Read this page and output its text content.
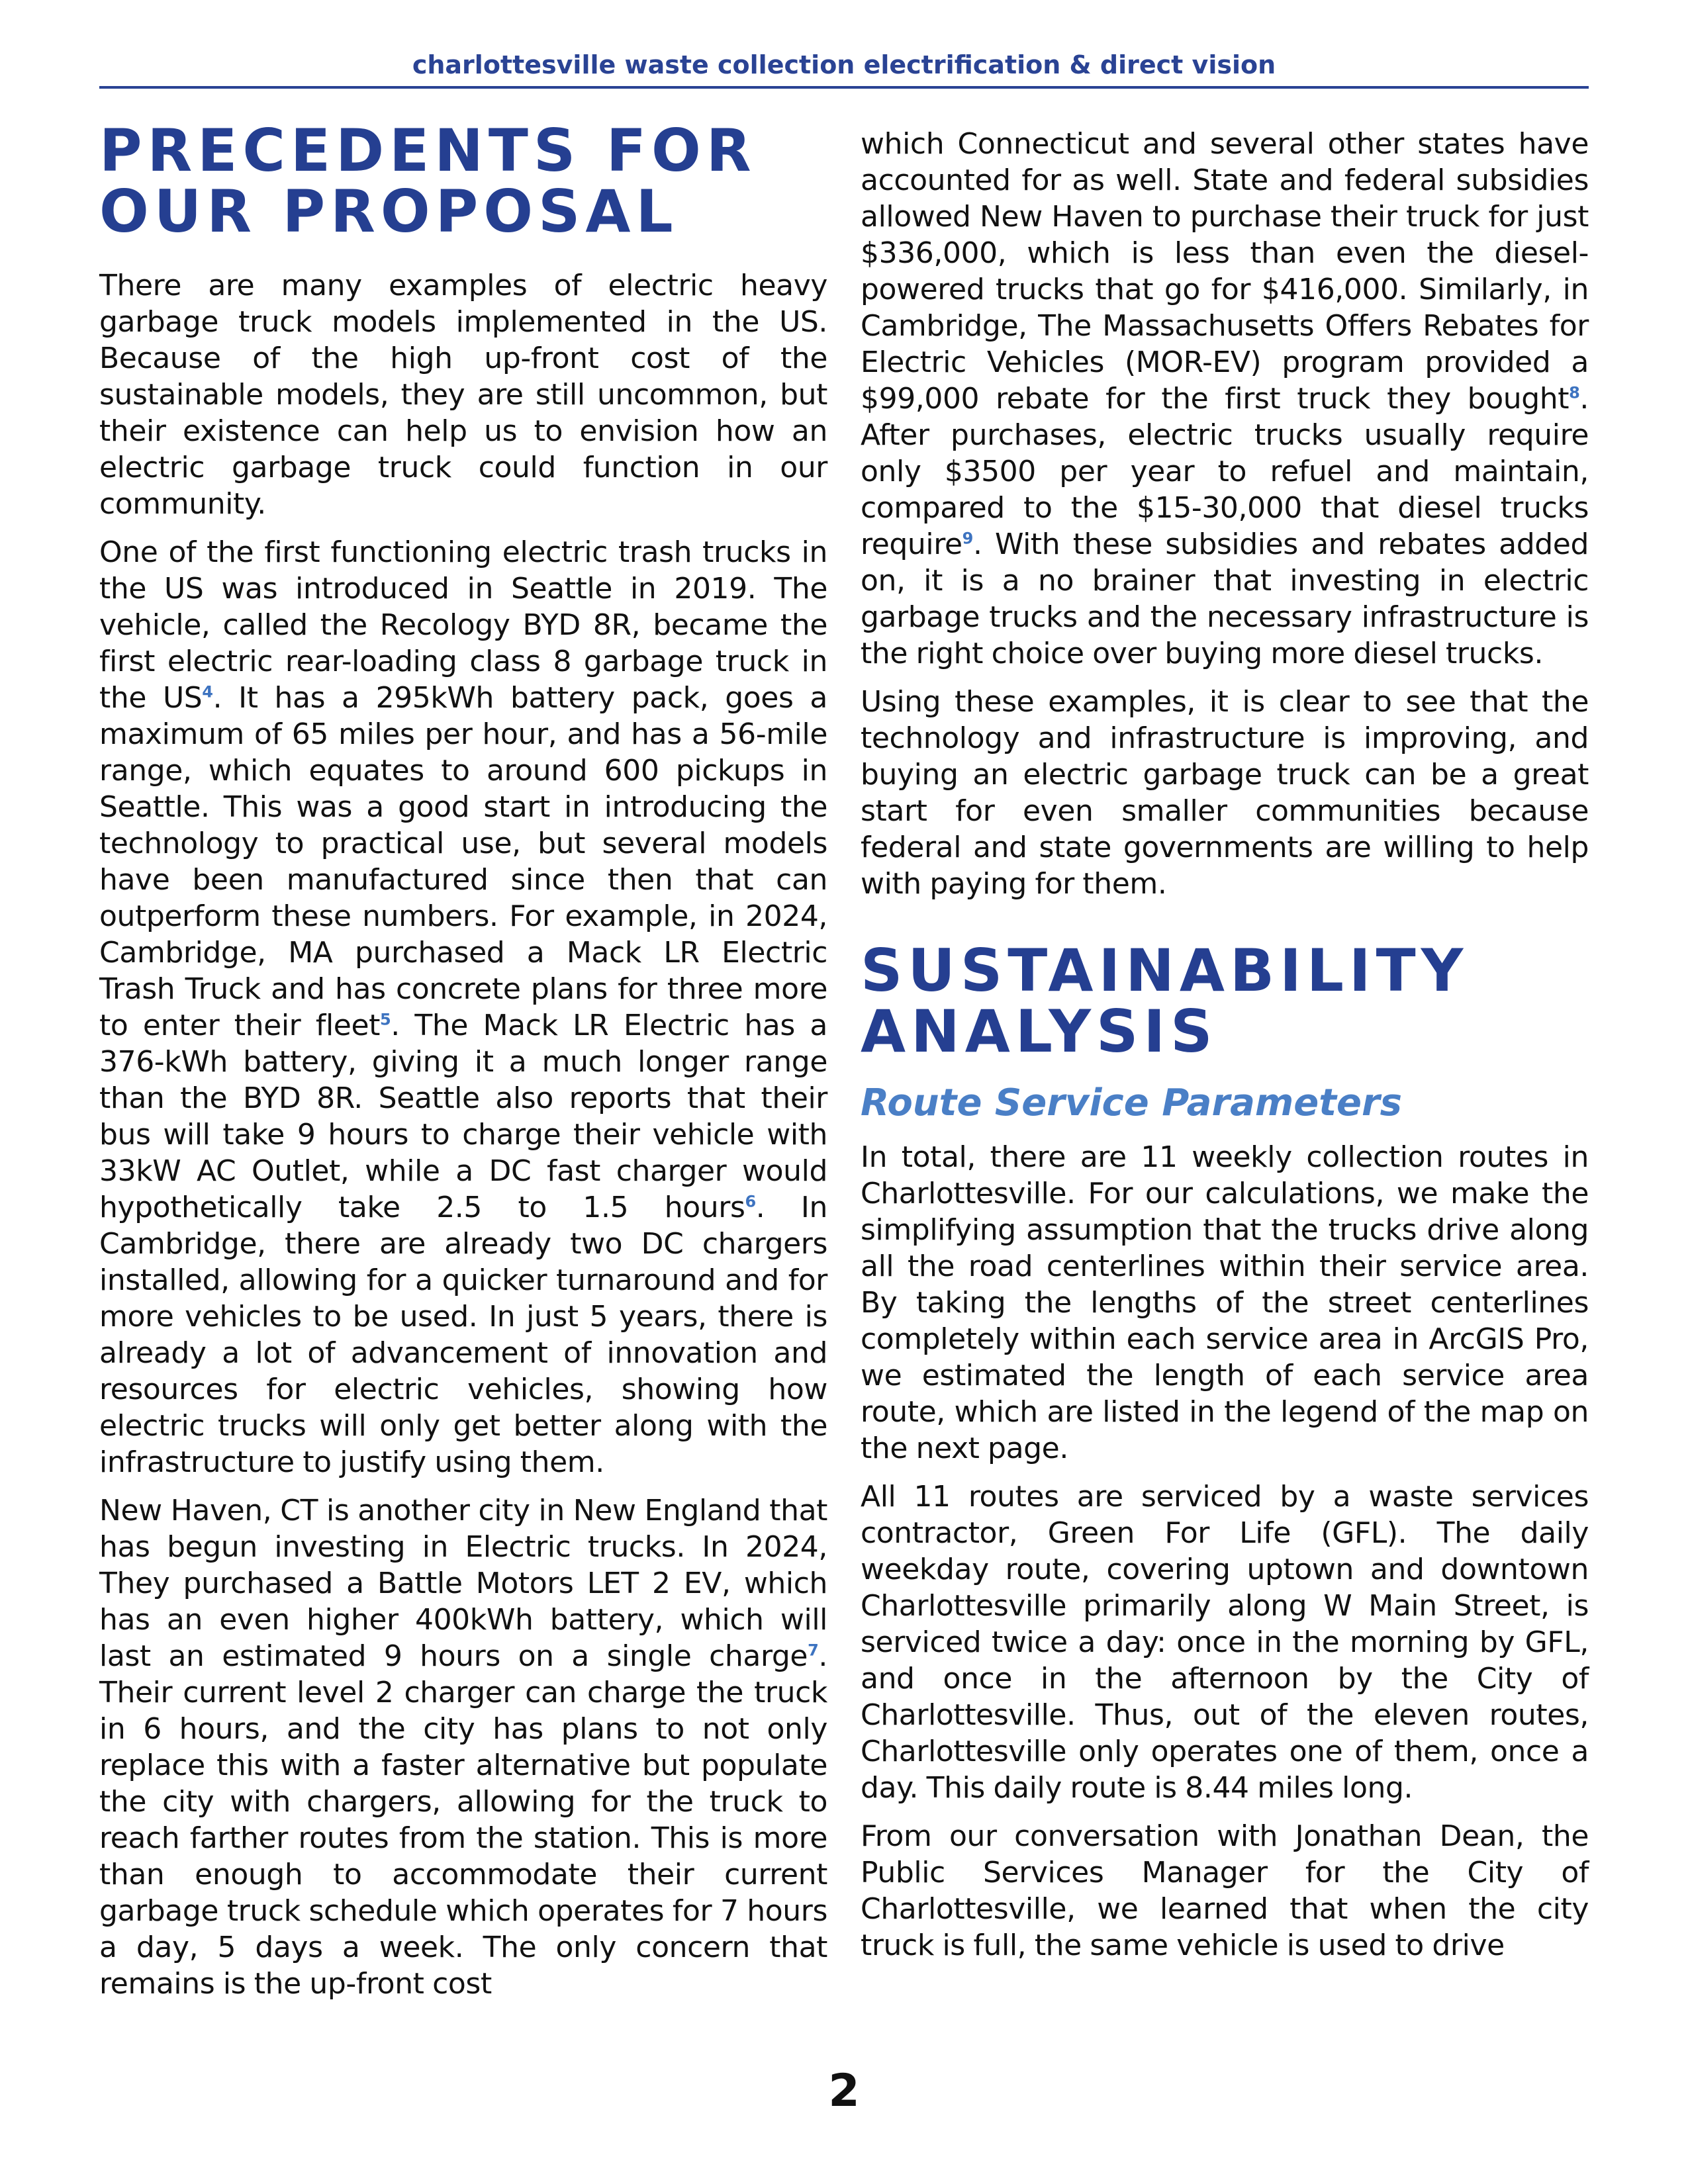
charlottesville waste collection electrification & direct vision
PRECEDENTS FOR
OUR PROPOSAL

There are many examples of electric heavy garbage truck models implemented in the US. Because of the high up-front cost of the sustainable models, they are still uncommon, but their existence can help us to envision how an electric garbage truck could function in our community.

One of the first functioning electric trash trucks in the US was introduced in Seattle in 2019. The vehicle, called the Recology BYD 8R, became the first electric rear-loading class 8 garbage truck in the US$^4$. It has a 295kWh battery pack, goes a maximum of 65 miles per hour, and has a 56-mile range, which equates to around 600 pickups in Seattle. This was a good start in introducing the technology to practical use, but several models have been manufactured since then that can outperform these numbers. For example, in 2024, Cambridge, MA purchased a Mack LR Electric Trash Truck and has concrete plans for three more to enter their fleet$^5$. The Mack LR Electric has a 376-kWh battery, giving it a much longer range than the BYD 8R. Seattle also reports that their bus will take 9 hours to charge their vehicle with 33kW AC Outlet, while a DC fast charger would hypothetically take 2.5 to 1.5 hours$^6$. In Cambridge, there are already two DC chargers installed, allowing for a quicker turnaround and for more vehicles to be used. In just 5 years, there is already a lot of advancement of innovation and resources for electric vehicles, showing how electric trucks will only get better along with the infrastructure to justify using them.

New Haven, CT is another city in New England that has begun investing in Electric trucks. In 2024, They purchased a Battle Motors LET 2 EV, which has an even higher 400kWh battery, which will last an estimated 9 hours on a single charge$^7$. Their current level 2 charger can charge the truck in 6 hours, and the city has plans to not only replace this with a faster alternative but populate the city with chargers, allowing for the truck to reach farther routes from the station. This is more than enough to accommodate their current garbage truck schedule which operates for 7 hours a day, 5 days a week. The only concern that remains is the up-front cost

which Connecticut and several other states have accounted for as well. State and federal subsidies allowed New Haven to purchase their truck for just $336,000, which is less than even the diesel-powered trucks that go for $416,000. Similarly, in Cambridge, The Massachusetts Offers Rebates for Electric Vehicles (MOR-EV) program provided a $99,000 rebate for the first truck they bought$^8$. After purchases, electric trucks usually require only $3500 per year to refuel and maintain, compared to the $15-30,000 that diesel trucks require$^9$. With these subsidies and rebates added on, it is a no brainer that investing in electric garbage trucks and the necessary infrastructure is the right choice over buying more diesel trucks.

Using these examples, it is clear to see that the technology and infrastructure is improving, and buying an electric garbage truck can be a great start for even smaller communities because federal and state governments are willing to help with paying for them.

SUSTAINABILITY
ANALYSIS
Route Service Parameters

In total, there are 11 weekly collection routes in Charlottesville. For our calculations, we make the simplifying assumption that the trucks drive along all the road centerlines within their service area. By taking the lengths of the street centerlines completely within each service area in ArcGIS Pro, we estimated the length of each service area route, which are listed in the legend of the map on the next page.

All 11 routes are serviced by a waste services contractor, Green For Life (GFL). The daily weekday route, covering uptown and downtown Charlottesville primarily along W Main Street, is serviced twice a day: once in the morning by GFL, and once in the afternoon by the City of Charlottesville. Thus, out of the eleven routes, Charlottesville only operates one of them, once a day. This daily route is 8.44 miles long.

From our conversation with Jonathan Dean, the Public Services Manager for the City of Charlottesville, we learned that when the city truck is full, the same vehicle is used to drive

2
